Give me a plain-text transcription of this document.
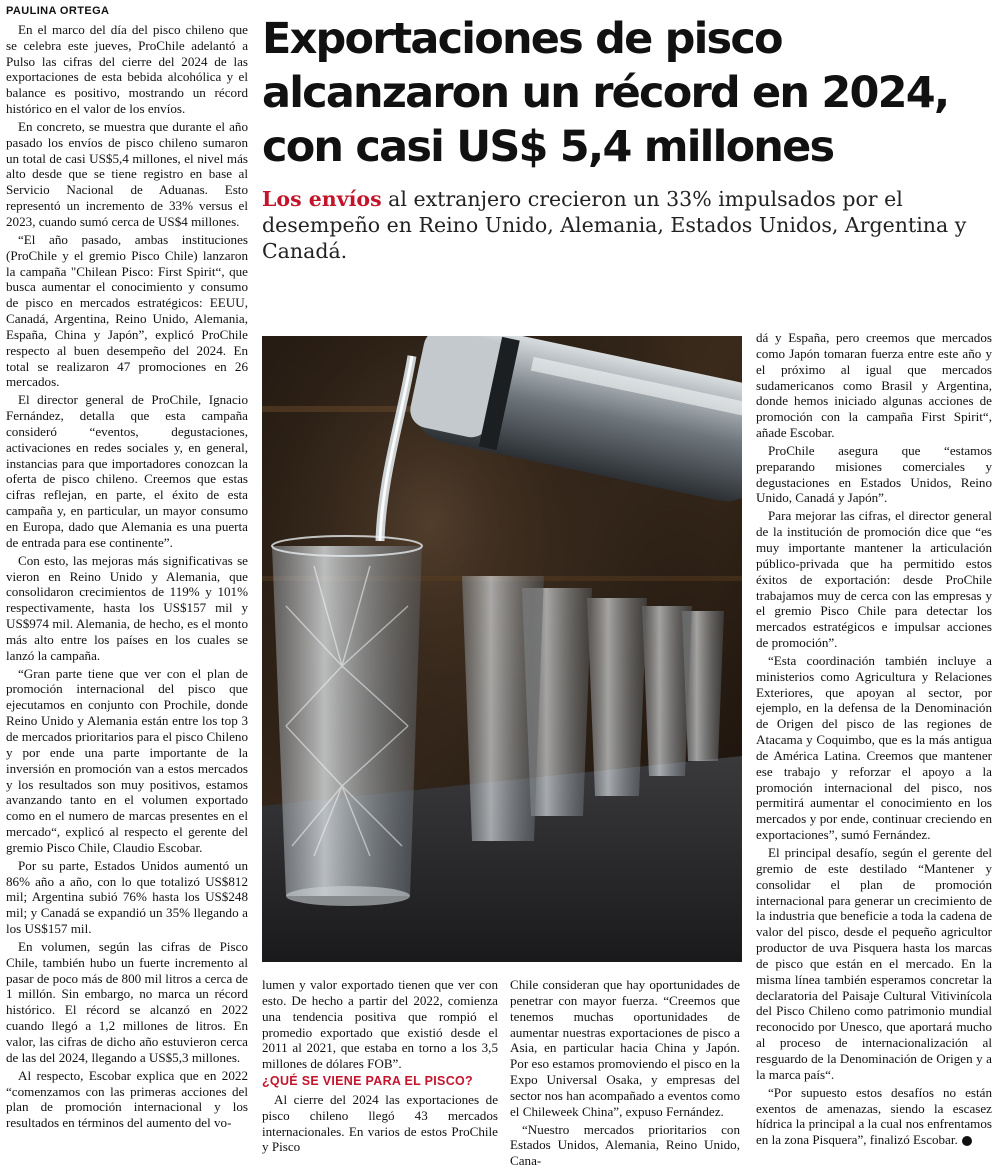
PAULINA ORTEGA

En el marco del día del pisco chileno que se celebra este jueves, ProChile adelantó a Pulso las cifras del cierre del 2024 de las exportaciones de esta bebida alcohólica y el balance es positivo, mostrando un récord histórico en el valor de los envíos.

En concreto, se muestra que durante el año pasado los envíos de pisco chileno sumaron un total de casi US$5,4 millones, el nivel más alto desde que se tiene registro en base al Servicio Nacional de Aduanas. Esto representó un incremento de 33% versus el 2023, cuando sumó cerca de US$4 millones.

“El año pasado, ambas instituciones (ProChile y el gremio Pisco Chile) lanzaron la campaña "Chilean Pisco: First Spirit“, que busca aumentar el conocimiento y consumo de pisco en mercados estratégicos: EEUU, Canadá, Argentina, Reino Unido, Alemania, España, China y Japón”, explicó ProChile respecto al buen desempeño del 2024. En total se realizaron 47 promociones en 26 mercados.

El director general de ProChile, Ignacio Fernández, detalla que esta campaña consideró “eventos, degustaciones, activaciones en redes sociales y, en general, instancias para que importadores conozcan la oferta de pisco chileno. Creemos que estas cifras reflejan, en parte, el éxito de esta campaña y, en particular, un mayor consumo en Europa, dado que Alemania es una puerta de entrada para ese continente”.

Con esto, las mejoras más significativas se vieron en Reino Unido y Alemania, que consolidaron crecimientos de 119% y 101% respectivamente, hasta los US$157 mil y US$974 mil. Alemania, de hecho, es el monto más alto entre los países en los cuales se lanzó la campaña.

“Gran parte tiene que ver con el plan de promoción internacional del pisco que ejecutamos en conjunto con Prochile, donde Reino Unido y Alemania están entre los top 3 de mercados prioritarios para el pisco Chileno y por ende una parte importante de la inversión en promoción van a estos mercados y los resultados son muy positivos, estamos avanzando tanto en el volumen exportado como en el numero de marcas presentes en el mercado“, explicó al respecto el gerente del gremio Pisco Chile, Claudio Escobar.

Por su parte, Estados Unidos aumentó un 86% año a año, con lo que totalizó US$812 mil; Argentina subió 76% hasta los US$248 mil; y Canadá se expandió un 35% llegando a los US$157 mil.

En volumen, según las cifras de Pisco Chile, también hubo un fuerte incremento al pasar de poco más de 800 mil litros a cerca de 1 millón. Sin embargo, no marca un récord histórico. El récord se alcanzó en 2022 cuando llegó a 1,2 millones de litros. En valor, las cifras de dicho año estuvieron cerca de las del 2024, llegando a US$5,3 millones.

Al respecto, Escobar explica que en 2022 “comenzamos con las primeras acciones del plan de promoción internacional y los resultados en términos del aumento del vo-

Exportaciones de pisco alcanzaron un récord en 2024, con casi US$ 5,4 millones

Los envíos al extranjero crecieron un 33% impulsados por el desempeño en Reino Unido, Alemania, Estados Unidos, Argentina y Canadá.

lumen y valor exportado tienen que ver con esto. De hecho a partir del 2022, comienza una tendencia positiva que rompió el promedio exportado que existió desde el 2011 al 2021, que estaba en torno a los 3,5 millones de dólares FOB”.

¿QUÉ SE VIENE PARA EL PISCO?

Al cierre del 2024 las exportaciones de pisco chileno llegó 43 mercados internacionales. En varios de estos ProChile y Pisco

Chile consideran que hay oportunidades de penetrar con mayor fuerza. “Creemos que tenemos muchas oportunidades de aumentar nuestras exportaciones de pisco a Asia, en particular hacia China y Japón. Por eso estamos promoviendo el pisco en la Expo Universal Osaka, y empresas del sector nos han acompañado a eventos como el Chileweek China”, expuso Fernández.

“Nuestro mercados prioritarios con Estados Unidos, Alemania, Reino Unido, Cana-

dá y España, pero creemos que mercados como Japón tomaran fuerza entre este año y el próximo al igual que mercados sudamericanos como Brasil y Argentina, donde hemos iniciado algunas acciones de promoción con la campaña First Spirit“, añade Escobar.

ProChile asegura que “estamos preparando misiones comerciales y degustaciones en Estados Unidos, Reino Unido, Canadá y Japón”.

Para mejorar las cifras, el director general de la institución de promoción dice que “es muy importante mantener la articulación público-privada que ha permitido estos éxitos de exportación: desde ProChile trabajamos muy de cerca con las empresas y el gremio Pisco Chile para detectar los mercados estratégicos e impulsar acciones de promoción”.

“Esta coordinación también incluye a ministerios como Agricultura y Relaciones Exteriores, que apoyan al sector, por ejemplo, en la defensa de la Denominación de Origen del pisco de las regiones de Atacama y Coquimbo, que es la más antigua de América Latina. Creemos que mantener ese trabajo y reforzar el apoyo a la promoción internacional del pisco, nos permitirá aumentar el conocimiento en los mercados y por ende, continuar creciendo en exportaciones”, sumó Fernández.

El principal desafío, según el gerente del gremio de este destilado “Mantener y consolidar el plan de promoción internacional para generar un crecimiento de la industria que beneficie a toda la cadena de valor del pisco, desde el pequeño agricultor productor de uva Pisquera hasta los marcas de pisco que están en el mercado. En la misma línea también esperamos concretar la declaratoria del Paisaje Cultural Vitivinícola del Pisco Chileno como patrimonio mundial reconocido por Unesco, que aportará mucho al proceso de internacionalización al resguardo de la Denominación de Origen y a la marca país“.

“Por supuesto estos desafíos no están exentos de amenazas, siendo la escasez hídrica la principal a la cual nos enfrentamos en la zona Pisquera”, finalizó Escobar.
